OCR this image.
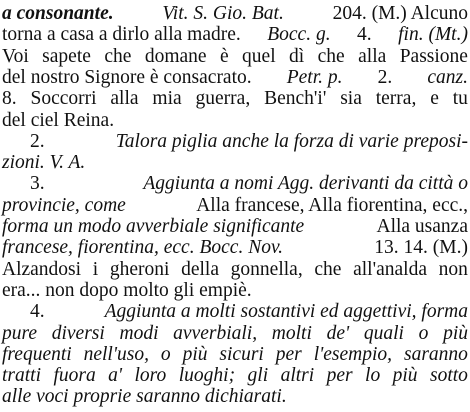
a consonante. Vit. S. Gio. Bat. 204. (M.) Alcuno
torna a casa a dirlo alla madre. Bocc. g. 4. fin. (Mt.)
Voi sapete che domane è quel dì che alla Passione
del nostro Signore è consacrato. Petr. p. 2. canz.
8. Soccorri alla mia guerra, Bench'i' sia terra, e tu
del ciel Reina.
2.	Talora piglia anche la forza di varie preposi-
zioni. V. A.
3.	Aggiunta a nomi Agg. derivanti da città o
provincie, come	Alla francese, Alla fiorentina, ecc.,
forma un modo avverbiale significante	Alla usanza
francese, fiorentina, ecc. Bocc. Nov.	13. 14. (M.)
Alzandosi i gheroni della gonnella, che all'analda non
era... non dopo molto gli empiè.
4.	Aggiunta a molti sostantivi ed aggettivi, forma
pure diversi modi avverbiali, molti de' quali o più
frequenti nell'uso, o più sicuri per l'esempio, saranno
tratti fuora a' loro luoghi; gli altri per lo più sotto
alle voci proprie saranno dichiarati.
